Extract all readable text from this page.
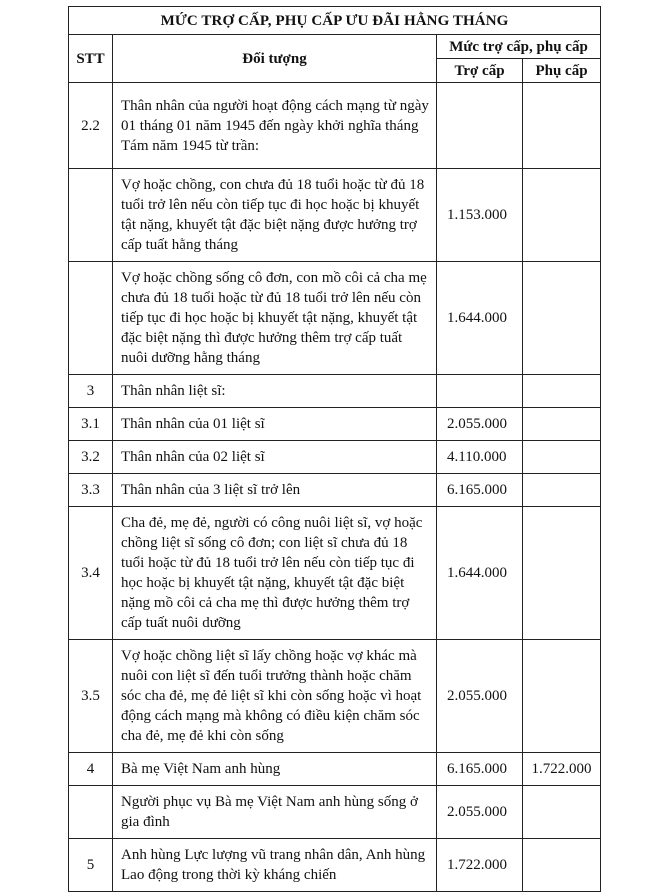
MỨC TRỢ CẤP, PHỤ CẤP ƯU ĐÃI HẰNG THÁNG			
STT	Đối tượng	Mức trợ cấp, phụ cấp	
		Trợ cấp	Phụ cấp
2.2	Thân nhân của người hoạt động cách mạng từ ngày 01 tháng 01 năm 1945 đến ngày khởi nghĩa tháng Tám năm 1945 từ trần:		
	Vợ hoặc chồng, con chưa đủ 18 tuổi hoặc từ đủ 18 tuổi trở lên nếu còn tiếp tục đi học hoặc bị khuyết tật nặng, khuyết tật đặc biệt nặng được hưởng trợ cấp tuất hằng tháng	1.153.000	
	Vợ hoặc chồng sống cô đơn, con mồ côi cả cha mẹ chưa đủ 18 tuổi hoặc từ đủ 18 tuổi trở lên nếu còn tiếp tục đi học hoặc bị khuyết tật nặng, khuyết tật đặc biệt nặng thì được hưởng thêm trợ cấp tuất nuôi dưỡng hằng tháng	1.644.000	
3	Thân nhân liệt sĩ:		
3.1	Thân nhân của 01 liệt sĩ	2.055.000	
3.2	Thân nhân của 02 liệt sĩ	4.110.000	
3.3	Thân nhân của 3 liệt sĩ trở lên	6.165.000	
3.4	Cha đẻ, mẹ đẻ, người có công nuôi liệt sĩ, vợ hoặc chồng liệt sĩ sống cô đơn; con liệt sĩ chưa đủ 18 tuổi hoặc từ đủ 18 tuổi trở lên nếu còn tiếp tục đi học hoặc bị khuyết tật nặng, khuyết tật đặc biệt nặng mồ côi cả cha mẹ thì được hưởng thêm trợ cấp tuất nuôi dưỡng	1.644.000	
3.5	Vợ hoặc chồng liệt sĩ lấy chồng hoặc vợ khác mà nuôi con liệt sĩ đến tuổi trưởng thành hoặc chăm sóc cha đẻ, mẹ đẻ liệt sĩ khi còn sống hoặc vì hoạt động cách mạng mà không có điều kiện chăm sóc cha đẻ, mẹ đẻ khi còn sống	2.055.000	
4	Bà mẹ Việt Nam anh hùng	6.165.000	1.722.000
	Người phục vụ Bà mẹ Việt Nam anh hùng sống ở gia đình	2.055.000	
5	Anh hùng Lực lượng vũ trang nhân dân, Anh hùng Lao động trong thời kỳ kháng chiến	1.722.000	
